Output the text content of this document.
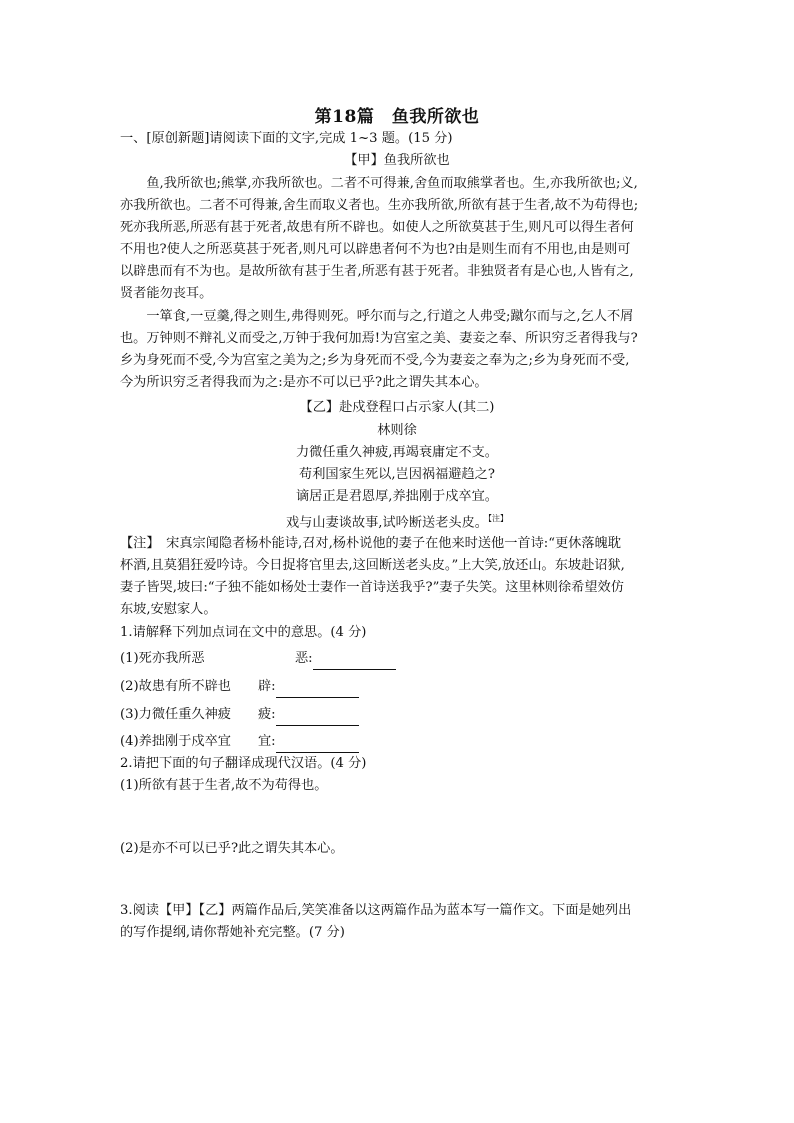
第18篇　鱼我所欲也
一、[原创新题]请阅读下面的文字,完成 1~3 题。(15 分)
【甲】鱼我所欲也
　　鱼,我所欲也;熊掌,亦我所欲也。二者不可得兼,舍鱼而取熊掌者也。生,亦我所欲也;义,
亦我所欲也。二者不可得兼,舍生而取义者也。生亦我所欲,所欲有甚于生者,故不为苟得也;
死亦我所恶,所恶有甚于死者,故患有所不辟也。如使人之所欲莫甚于生,则凡可以得生者何
不用也?使人之所恶莫甚于死者,则凡可以辟患者何不为也?由是则生而有不用也,由是则可
以辟患而有不为也。是故所欲有甚于生者,所恶有甚于死者。非独贤者有是心也,人皆有之,
贤者能勿丧耳。
　　一箪食,一豆羹,得之则生,弗得则死。呼尔而与之,行道之人弗受;蹴尔而与之,乞人不屑
也。万钟则不辩礼义而受之,万钟于我何加焉!为宫室之美、妻妾之奉、所识穷乏者得我与?
乡为身死而不受,今为宫室之美为之;乡为身死而不受,今为妻妾之奉为之;乡为身死而不受,
今为所识穷乏者得我而为之:是亦不可以已乎?此之谓失其本心。
【乙】赴戍登程口占示家人(其二)
林则徐
力微任重久神疲,再竭衰庸定不支。
苟利国家生死以,岂因祸福避趋之?
谪居正是君恩厚,养拙刚于戍卒宜。
戏与山妻谈故事,试吟断送老头皮。$^{【注】}$
【注】　宋真宗闻隐者杨朴能诗,召对,杨朴说他的妻子在他来时送他一首诗:“更休落魄耽
杯酒,且莫猖狂爱吟诗。今日捉将官里去,这回断送老头皮。”上大笑,放还山。东坡赴诏狱,
妻子皆哭,坡曰:“子独不能如杨处士妻作一首诗送我乎?”妻子失笑。这里林则徐希望效仿
东坡,安慰家人。
1.请解释下列加点词在文中的意思。(4 分)
(1)死亦我所恶	恶:
(2)故患有所不辟也 辟:
(3)力微任重久神疲 疲:
(4)养拙刚于戍卒宜 宜:
2.请把下面的句子翻译成现代汉语。(4 分)
(1)所欲有甚于生者,故不为苟得也。
(2)是亦不可以已乎?此之谓失其本心。
3.阅读【甲】【乙】两篇作品后,笑笑准备以这两篇作品为蓝本写一篇作文。下面是她列出
的写作提纲,请你帮她补充完整。(7 分)
